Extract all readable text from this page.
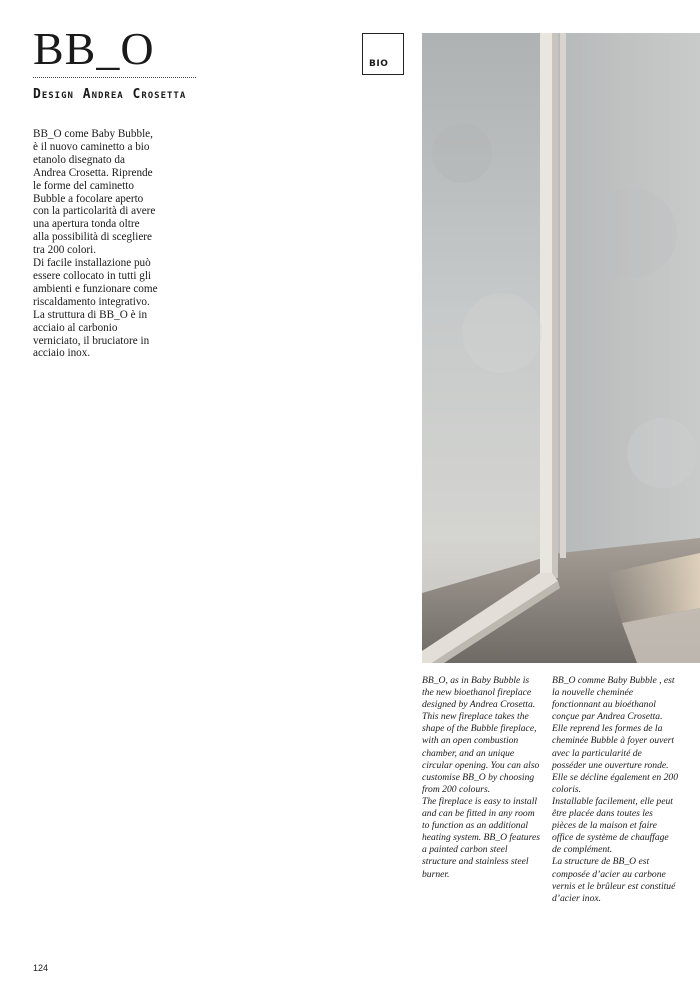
BB_O
Design Andrea Crosetta

BB_O come Baby Bubble, è il nuovo caminetto a bio etanolo disegnato da Andrea Crosetta. Riprende le forme del caminetto Bubble a focolare aperto con la particolarità di avere una apertura tonda oltre alla possibilità di scegliere tra 200 colori.

Di facile installazione può essere collocato in tutti gli ambienti e funzionare come riscaldamento integrativo.

La struttura di BB_O è in acciaio al carbonio verniciato, il bruciatore in acciaio inox.

BIO

BB_O, as in Baby Bubble is the new bioethanol fireplace designed by Andrea Crosetta. This new fireplace takes the shape of the Bubble fireplace, with an open combustion chamber, and an unique circular opening. You can also customise BB_O by choosing from 200 colours.

The fireplace is easy to install and can be fitted in any room to function as an additional heating system. BB_O features a painted carbon steel structure and stainless steel burner.

BB_O comme Baby Bubble , est la nouvelle cheminée fonctionnant au bioéthanol conçue par Andrea Crosetta. Elle reprend les formes de la cheminée Bubble à foyer ouvert avec la particularité de posséder une ouverture ronde. Elle se décline également en 200 coloris.

Installable facilement, elle peut être placée dans toutes les pièces de la maison et faire office de système de chauffage de complément.

La structure de BB_O est composée d’acier au carbone vernis et le brûleur est constitué d’acier inox.

124
